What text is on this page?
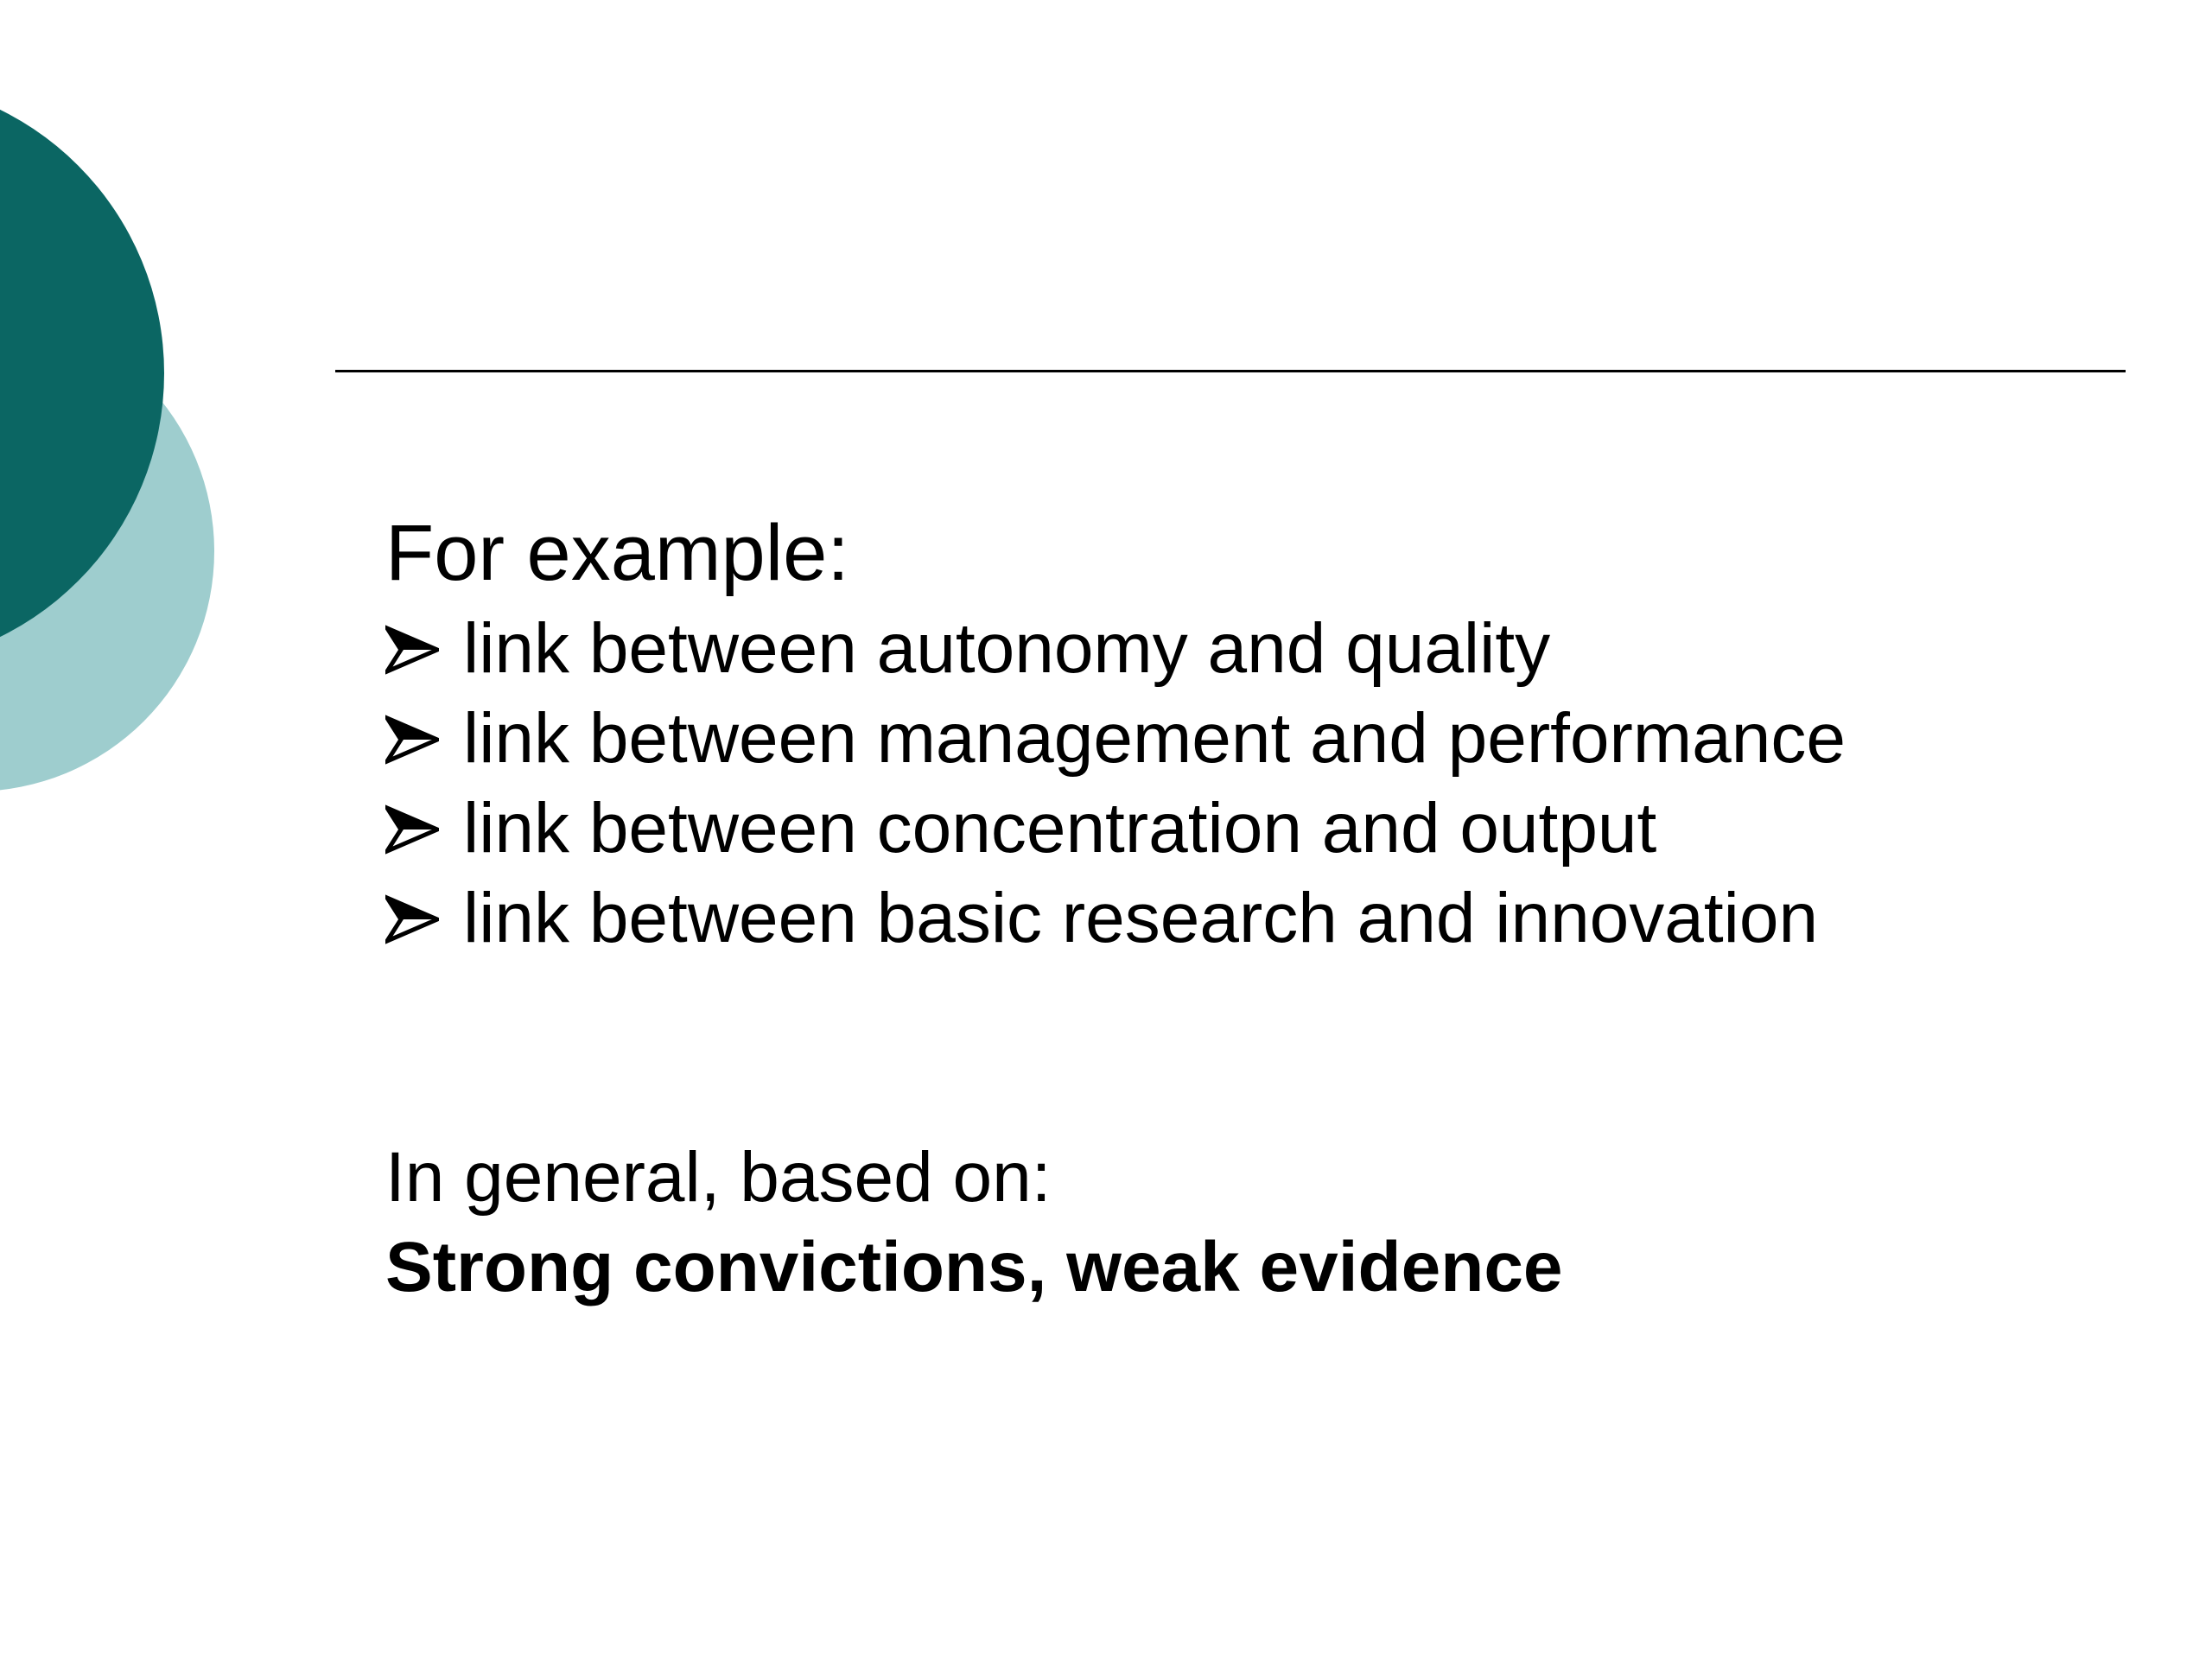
For example:
link between autonomy and quality
link between management and performance
link between concentration and output
link between basic research and innovation
In general, based on:
Strong convictions, weak evidence
